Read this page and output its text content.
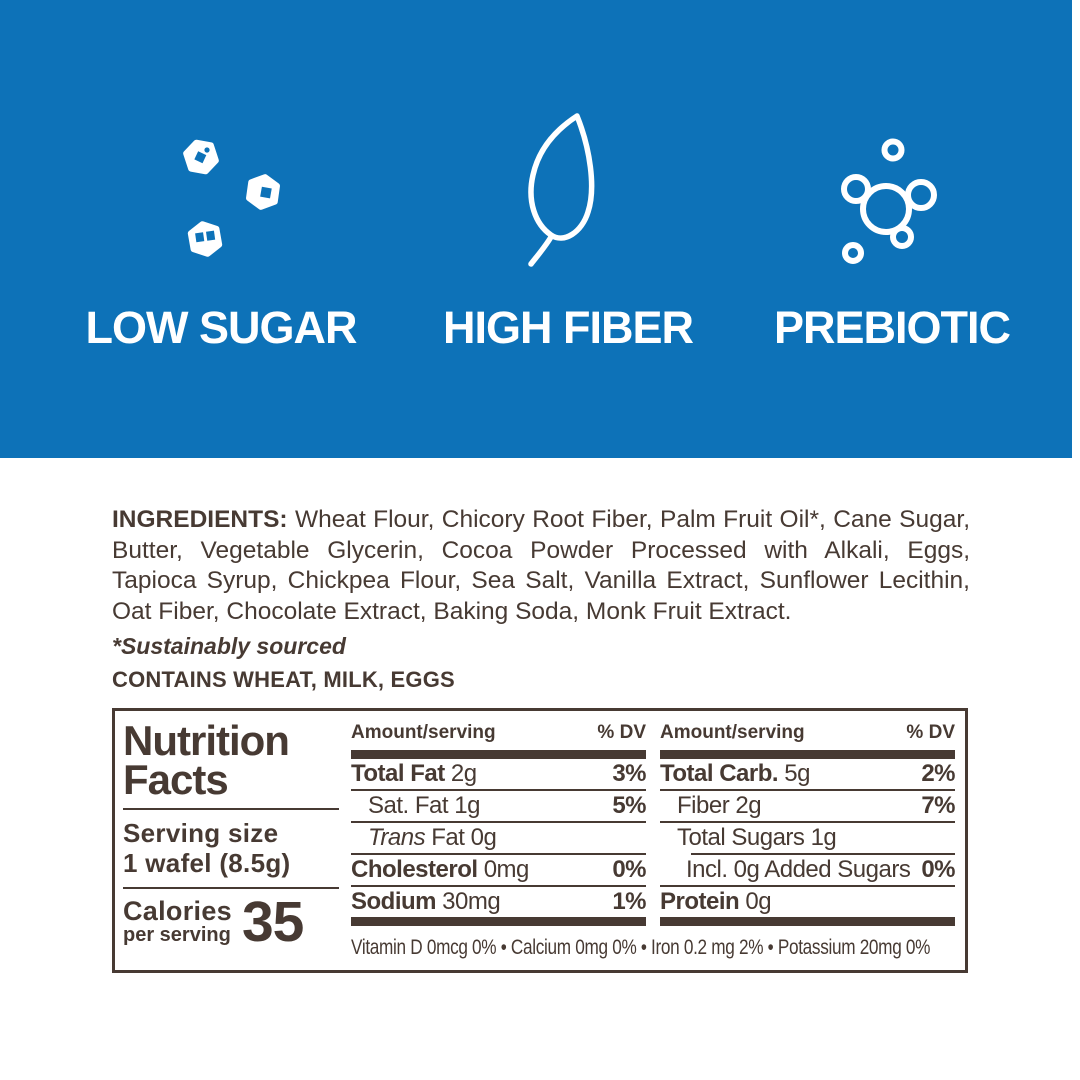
LOW SUGAR	HIGH FIBER	PREBIOTIC

INGREDIENTS: Wheat Flour, Chicory Root Fiber, Palm Fruit Oil*, Cane Sugar, Butter, Vegetable Glycerin, Cocoa Powder Processed with Alkali, Eggs, Tapioca Syrup, Chickpea Flour, Sea Salt, Vanilla Extract, Sunflower Lecithin, Oat Fiber, Chocolate Extract, Baking Soda, Monk Fruit Extract.

*Sustainably sourced

CONTAINS WHEAT, MILK, EGGS

Nutrition
Facts
Serving size
1 wafel (8.5g)
Calories
per serving 35
Amount/serving	% DV
Total Fat 2g	3%
Sat. Fat 1g	5%
Trans Fat 0g
Cholesterol 0mg	0%
Sodium 30mg	1%
Amount/serving	% DV
Total Carb. 5g	2%
Fiber 2g	7%
Total Sugars 1g
Incl. 0g Added Sugars 0%
Protein 0g
Vitamin D 0mcg 0% • Calcium 0mg 0% • Iron 0.2 mg 2% • Potassium 20mg 0%
